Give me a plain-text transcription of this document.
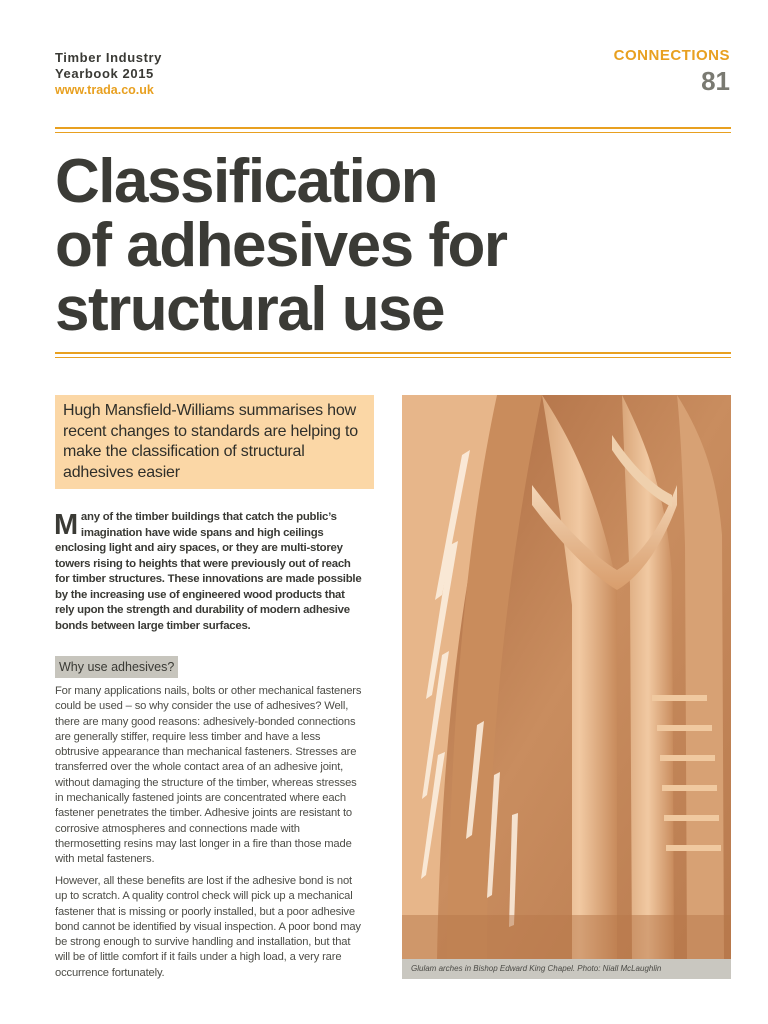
Timber Industry
Yearbook 2015
www.trada.co.uk
CONNECTIONS
81
Classification
of adhesives for
structural use
Hugh Mansfield-Williams summarises how recent changes to standards are helping to make the classification of structural adhesives easier

Many of the timber buildings that catch the public’s imagination have wide spans and high ceilings enclosing light and airy spaces, or they are multi-storey towers rising to heights that were previously out of reach for timber structures. These innovations are made possible by the increasing use of engineered wood products that rely upon the strength and durability of modern adhesive bonds between large timber surfaces.

Why use adhesives?

For many applications nails, bolts or other mechanical fasteners could be used – so why consider the use of adhesives? Well, there are many good reasons: adhesively-bonded connections are generally stiffer, require less timber and have a less obtrusive appearance than mechanical fasteners. Stresses are transferred over the whole contact area of an adhesive joint, without damaging the structure of the timber, whereas stresses in mechanically fastened joints are concentrated where each fastener penetrates the timber. Adhesive joints are resistant to corrosive atmospheres and connections made with thermosetting resins may last longer in a fire than those made with metal fasteners.

However, all these benefits are lost if the adhesive bond is not up to scratch. A quality control check will pick up a mechanical fastener that is missing or poorly installed, but a poor adhesive bond cannot be identified by visual inspection. A poor bond may be strong enough to survive handling and installation, but that will be of little comfort if it fails under a high load, a very rare occurrence fortunately.	Glulam arches in Bishop Edward King Chapel. Photo: Niall McLaughlin
